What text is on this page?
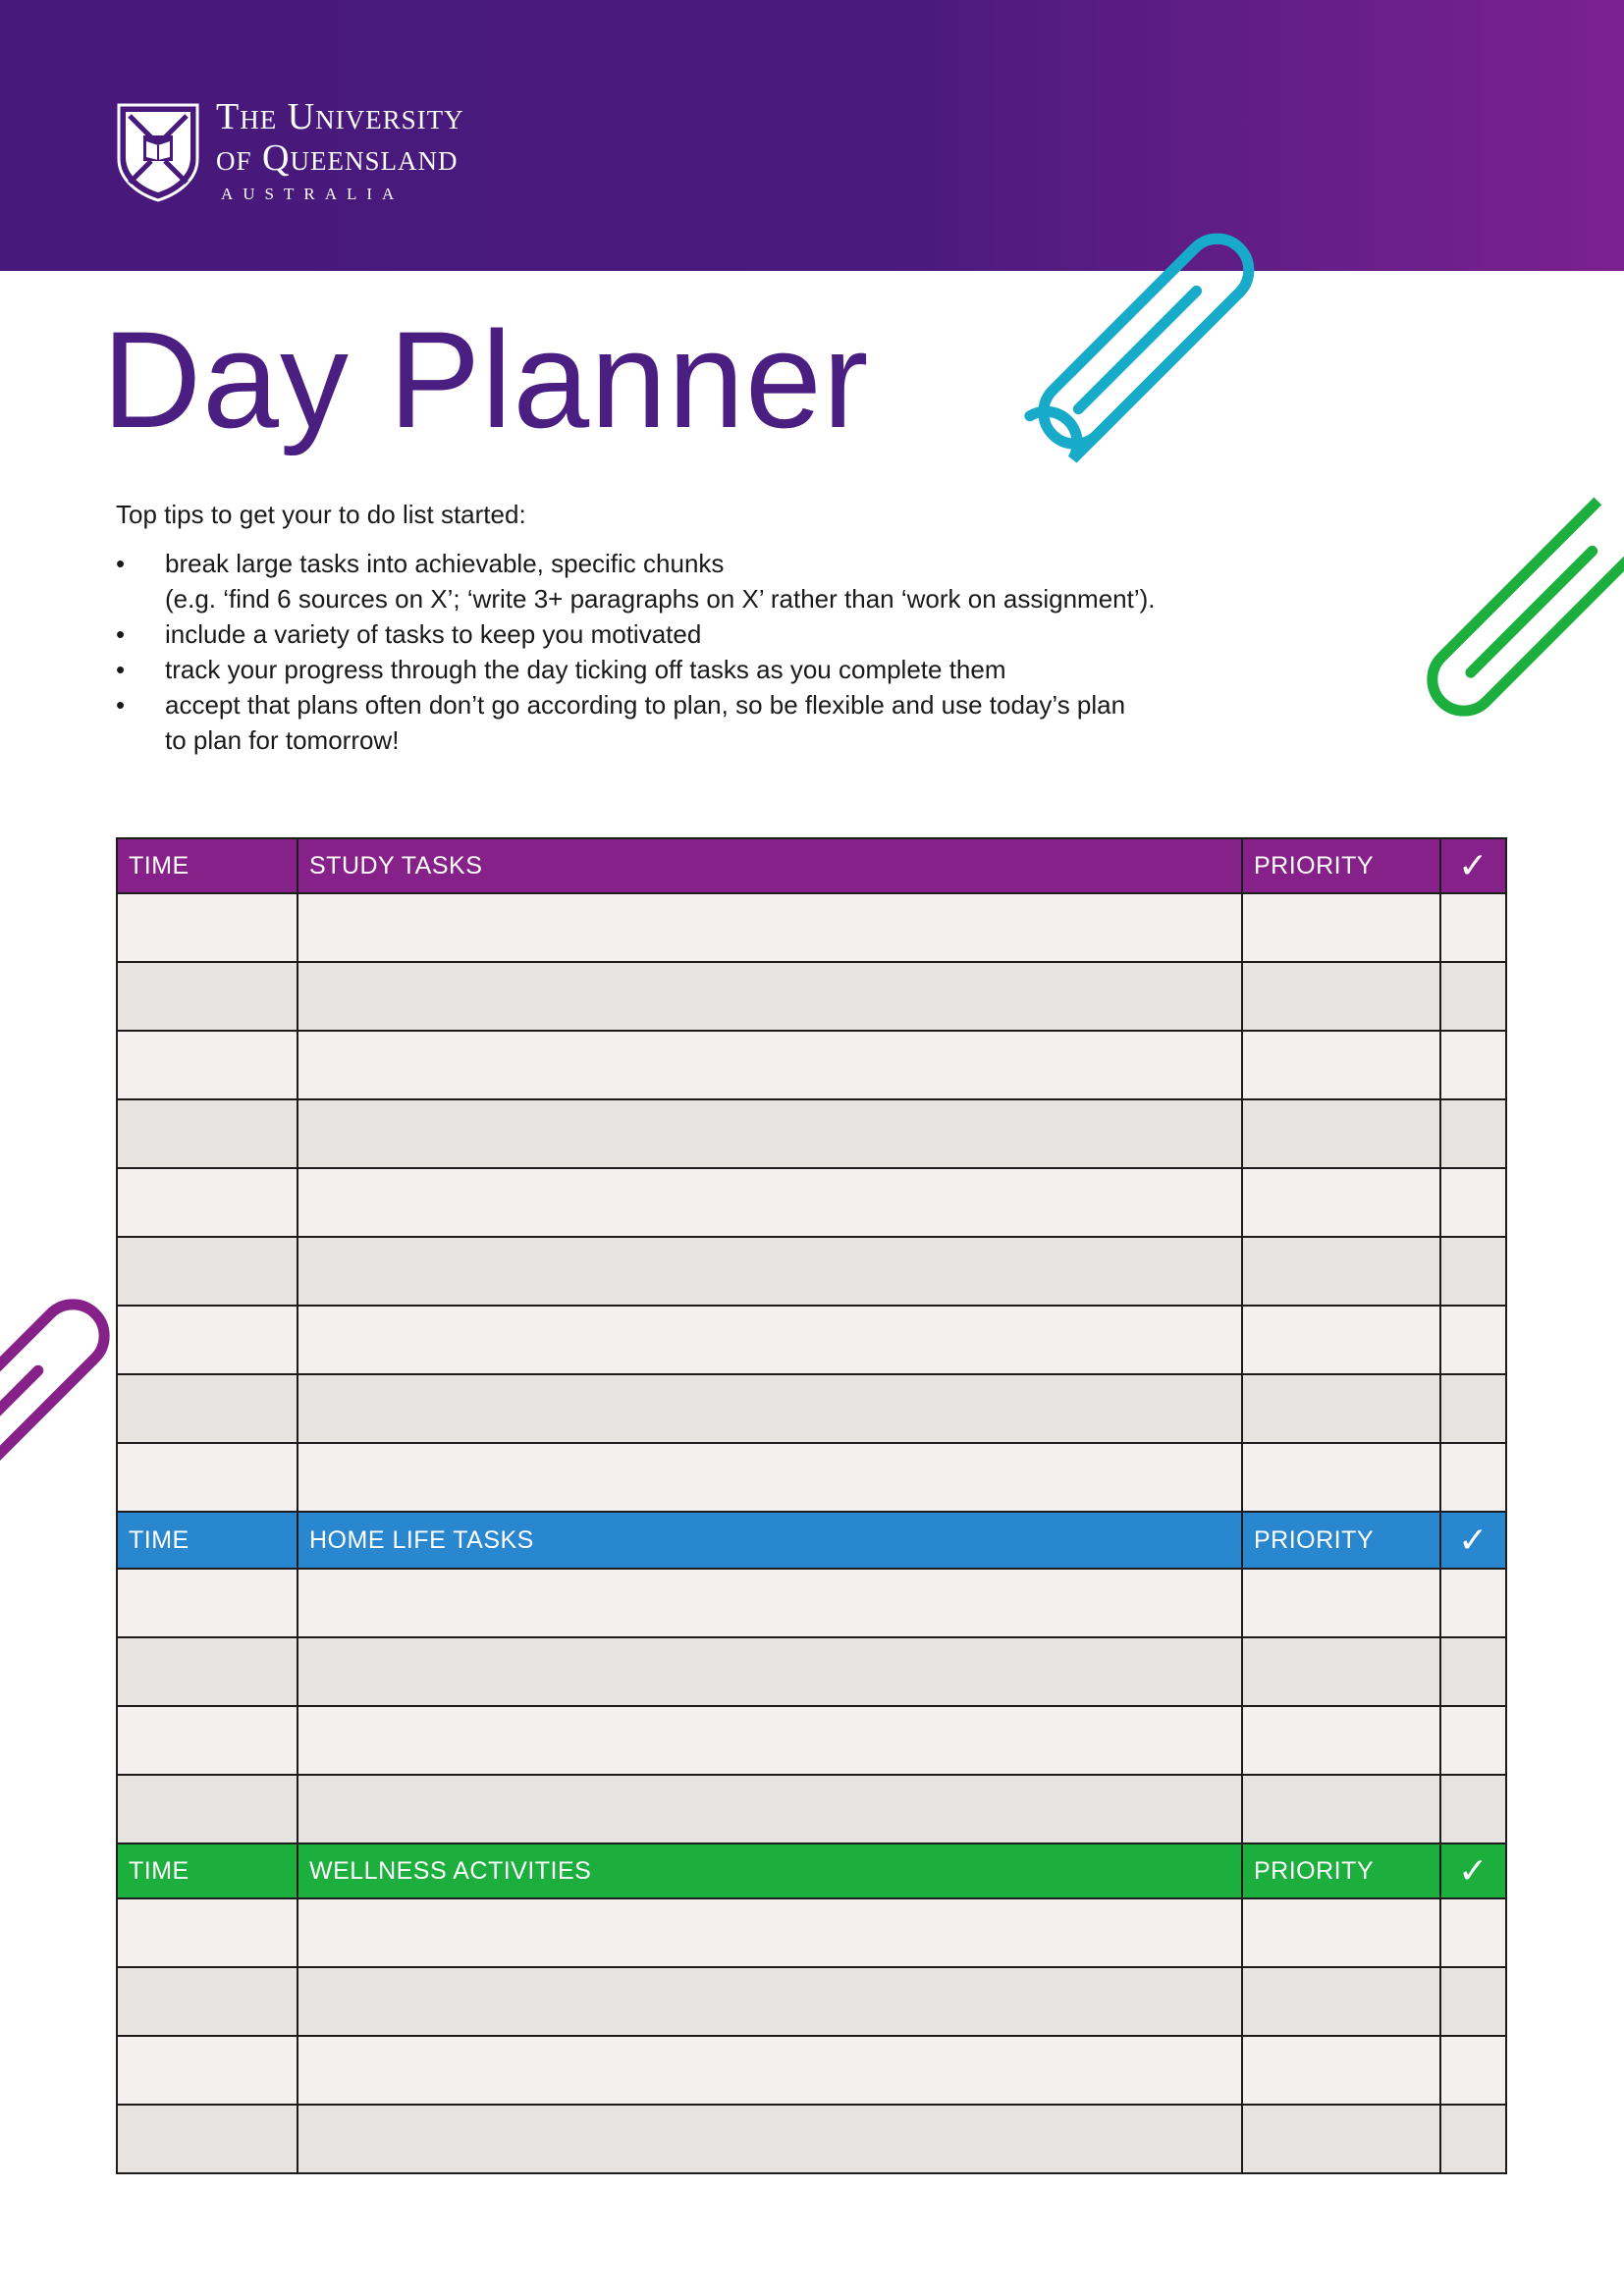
The University
of Queensland
AUSTRALIA
Day Planner
Top tips to get your to do list started:
• break large tasks into achievable, specific chunks
(e.g. ‘find 6 sources on X’; ‘write 3+ paragraphs on X’ rather than ‘work on assignment’).
• include a variety of tasks to keep you motivated
• track your progress through the day ticking off tasks as you complete them
• accept that plans often don’t go according to plan, so be flexible and use today’s plan
to plan for tomorrow!
TIME	STUDY TASKS	PRIORITY	✓

TIME	HOME LIFE TASKS	PRIORITY	✓

TIME	WELLNESS ACTIVITIES	PRIORITY	✓
